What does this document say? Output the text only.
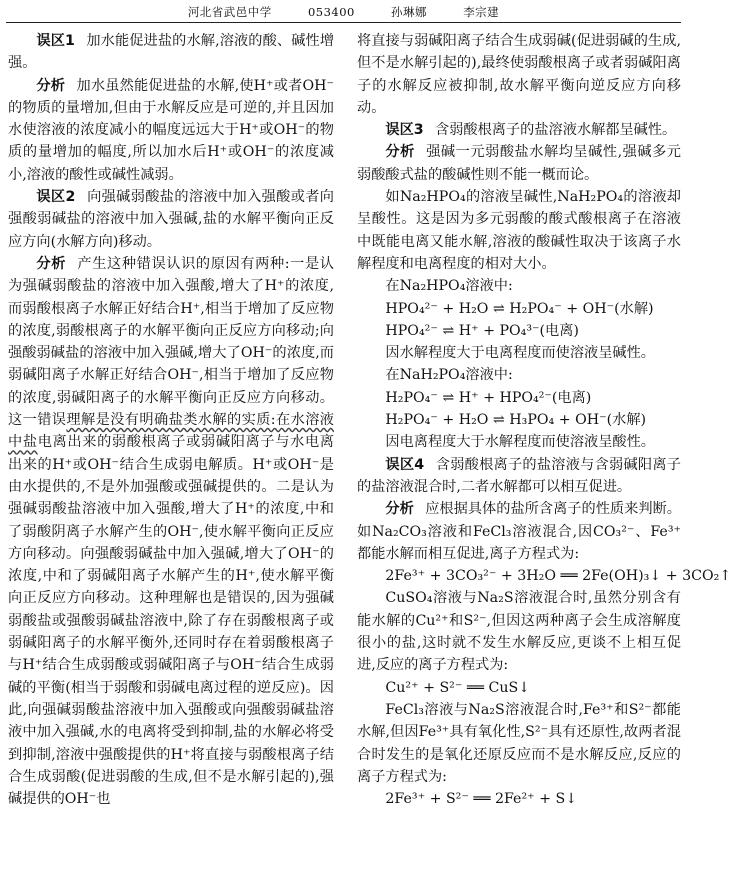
河北省武邑中学	053400	孙琳娜	李宗建

误区1 加水能促进盐的水解,溶液的酸、碱性增强。

分析 加水虽然能促进盐的水解,使H⁺或者OH⁻的物质的量增加,但由于水解反应是可逆的,并且因加水使溶液的浓度减小的幅度远远大于H⁺或OH⁻的物质的量增加的幅度,所以加水后H⁺或OH⁻的浓度减小,溶液的酸性或碱性减弱。

误区2 向强碱弱酸盐的溶液中加入强酸或者向强酸弱碱盐的溶液中加入强碱,盐的水解平衡向正反应方向(水解方向)移动。

分析 产生这种错误认识的原因有两种:一是认为强碱弱酸盐的溶液中加入强酸,增大了H⁺的浓度,而弱酸根离子水解正好结合H⁺,相当于增加了反应物的浓度,弱酸根离子的水解平衡向正反应方向移动;向强酸弱碱盐的溶液中加入强碱,增大了OH⁻的浓度,而弱碱阳离子水解正好结合OH⁻,相当于增加了反应物的浓度,弱碱阳离子的水解平衡向正反应方向移动。这一错误理解是没有明确盐类水解的实质:在水溶液中盐电离出来的弱酸根离子或弱碱阳离子与水电离出来的H⁺或OH⁻结合生成弱电解质。H⁺或OH⁻是由水提供的,不是外加强酸或强碱提供的。二是认为强碱弱酸盐溶液中加入强酸,增大了H⁺的浓度,中和了弱酸阴离子水解产生的OH⁻,使水解平衡向正反应方向移动。向强酸弱碱盐中加入强碱,增大了OH⁻的浓度,中和了弱碱阳离子水解产生的H⁺,使水解平衡向正反应方向移动。这种理解也是错误的,因为强碱弱酸盐或强酸弱碱盐溶液中,除了存在弱酸根离子或弱碱阳离子的水解平衡外,还同时存在着弱酸根离子与H⁺结合生成弱酸或弱碱阳离子与OH⁻结合生成弱碱的平衡(相当于弱酸和弱碱电离过程的逆反应)。因此,向强碱弱酸盐溶液中加入强酸或向强酸弱碱盐溶液中加入强碱,水的电离将受到抑制,盐的水解必将受到抑制,溶液中强酸提供的H⁺将直接与弱酸根离子结合生成弱酸(促进弱酸的生成,但不是水解引起的),强碱提供的OH⁻也

将直接与弱碱阳离子结合生成弱碱(促进弱碱的生成,但不是水解引起的),最终使弱酸根离子或者弱碱阳离子的水解反应被抑制,故水解平衡向逆反应方向移动。

误区3 含弱酸根离子的盐溶液水解都呈碱性。

分析 强碱一元弱酸盐水解均呈碱性,强碱多元弱酸酸式盐的酸碱性则不能一概而论。

如Na₂HPO₄的溶液呈碱性,NaH₂PO₄的溶液却呈酸性。这是因为多元弱酸的酸式酸根离子在溶液中既能电离又能水解,溶液的酸碱性取决于该离子水解程度和电离程度的相对大小。

在Na₂HPO₄溶液中:

HPO₄²⁻ + H₂O ⇌ H₂PO₄⁻ + OH⁻(水解)

HPO₄²⁻ ⇌ H⁺ + PO₄³⁻(电离)

因水解程度大于电离程度而使溶液呈碱性。

在NaH₂PO₄溶液中:

H₂PO₄⁻ ⇌ H⁺ + HPO₄²⁻(电离)

H₂PO₄⁻ + H₂O ⇌ H₃PO₄ + OH⁻(水解)

因电离程度大于水解程度而使溶液呈酸性。

误区4 含弱酸根离子的盐溶液与含弱碱阳离子的盐溶液混合时,二者水解都可以相互促进。

分析 应根据具体的盐所含离子的性质来判断。如Na₂CO₃溶液和FeCl₃溶液混合,因CO₃²⁻、Fe³⁺都能水解而相互促进,离子方程式为:

2Fe³⁺ + 3CO₃²⁻ + 3H₂O ══ 2Fe(OH)₃↓ + 3CO₂↑

CuSO₄溶液与Na₂S溶液混合时,虽然分别含有能水解的Cu²⁺和S²⁻,但因这两种离子会生成溶解度很小的盐,这时就不发生水解反应,更谈不上相互促进,反应的离子方程式为:

Cu²⁺ + S²⁻ ══ CuS↓

FeCl₃溶液与Na₂S溶液混合时,Fe³⁺和S²⁻都能水解,但因Fe³⁺具有氧化性,S²⁻具有还原性,故两者混合时发生的是氧化还原反应而不是水解反应,反应的离子方程式为:

2Fe³⁺ + S²⁻ ══ 2Fe²⁺ + S↓
